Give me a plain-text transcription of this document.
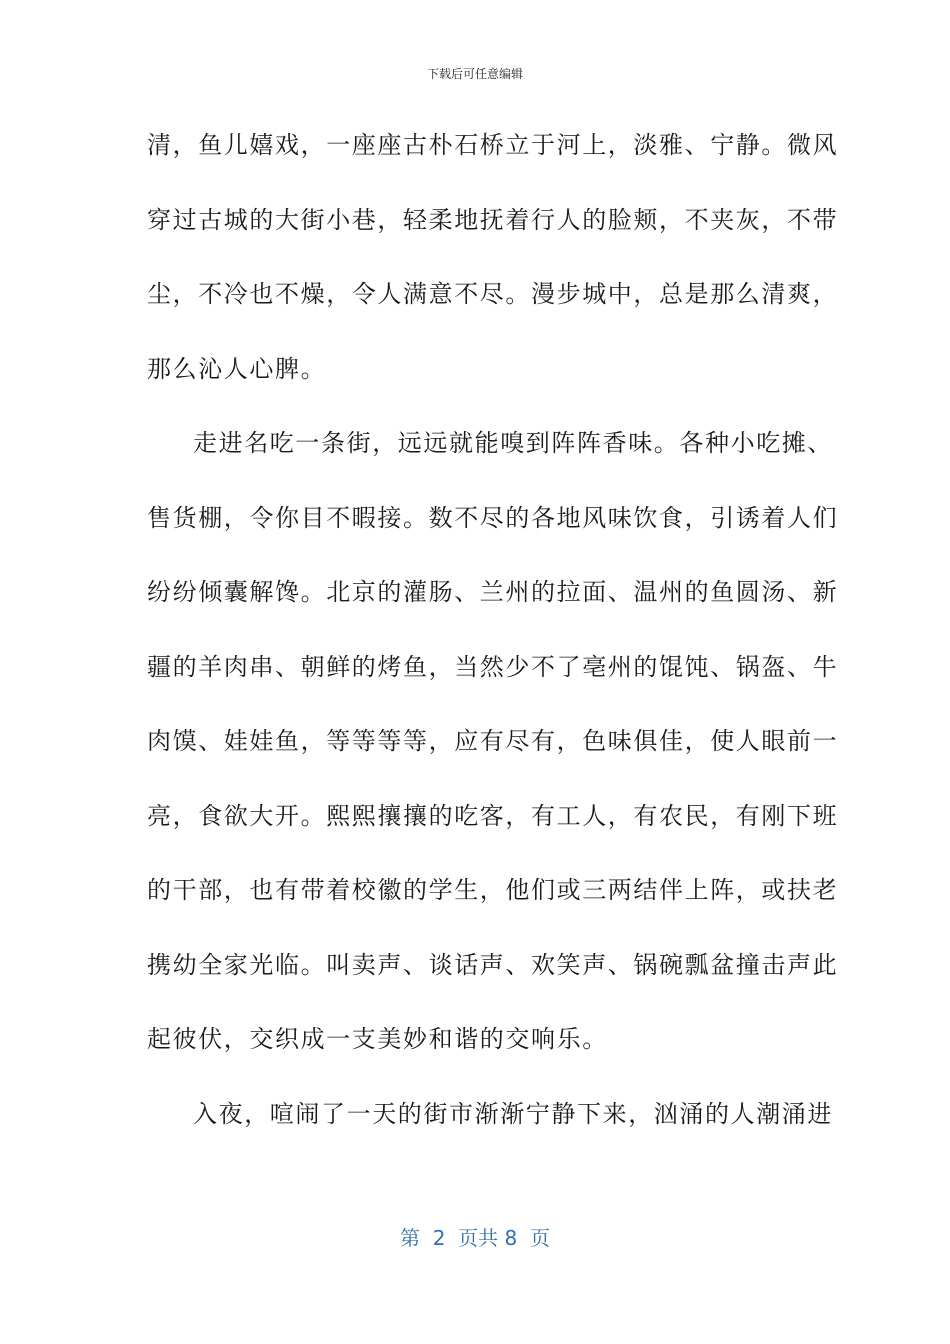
下载后可任意编辑
清，鱼儿嬉戏，一座座古朴石桥立于河上，淡雅、宁静。微风
穿过古城的大街小巷，轻柔地抚着行人的脸颊，不夹灰，不带
尘，不冷也不燥，令人满意不尽。漫步城中，总是那么清爽，
那么沁人心脾。
走进名吃一条街，远远就能嗅到阵阵香味。各种小吃摊、
售货棚，令你目不暇接。数不尽的各地风味饮食，引诱着人们
纷纷倾囊解馋。北京的灌肠、兰州的拉面、温州的鱼圆汤、新
疆的羊肉串、朝鲜的烤鱼，当然少不了亳州的馄饨、锅盔、牛
肉馍、娃娃鱼，等等等等，应有尽有，色味俱佳，使人眼前一
亮，食欲大开。熙熙攘攘的吃客，有工人，有农民，有刚下班
的干部，也有带着校徽的学生，他们或三两结伴上阵，或扶老
携幼全家光临。叫卖声、谈话声、欢笑声、锅碗瓢盆撞击声此
起彼伏，交织成一支美妙和谐的交响乐。
入夜，喧闹了一天的街市渐渐宁静下来，汹涌的人潮涌进
第  2  页共 8  页
